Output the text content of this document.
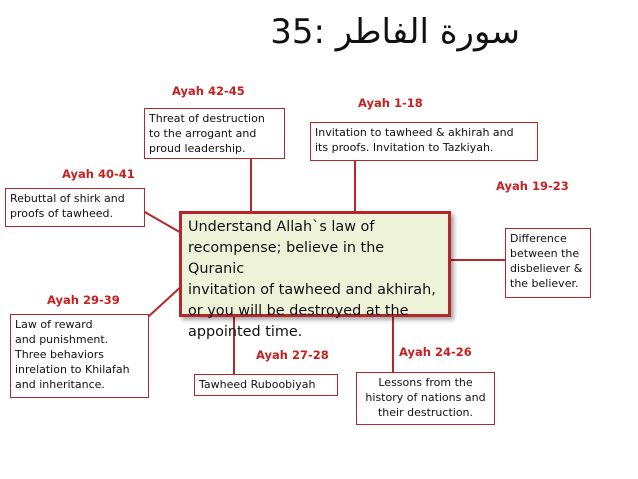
سورة الفاطر :35
Ayah 42-45
Ayah 1-18
Ayah 40-41
Ayah 19-23
Ayah 29-39
Ayah 27-28	Ayah 24-26
Threat of destruction
to the arrogant and
proud leadership.
Invitation to tawheed & akhirah and
its proofs. Invitation to Tazkiyah.
Rebuttal of shirk and
proofs of tawheed.
Difference
between the
disbeliever &
the believer.
Law of reward
and punishment.
Three behaviors
inrelation to Khilafah
and inheritance.	Tawheed Ruboobiyah	Lessons from the
history of nations and
their destruction.
Understand Allah`s law of
recompense; believe in the Quranic
invitation of tawheed and akhirah,
or you will be destroyed at the
appointed time.
